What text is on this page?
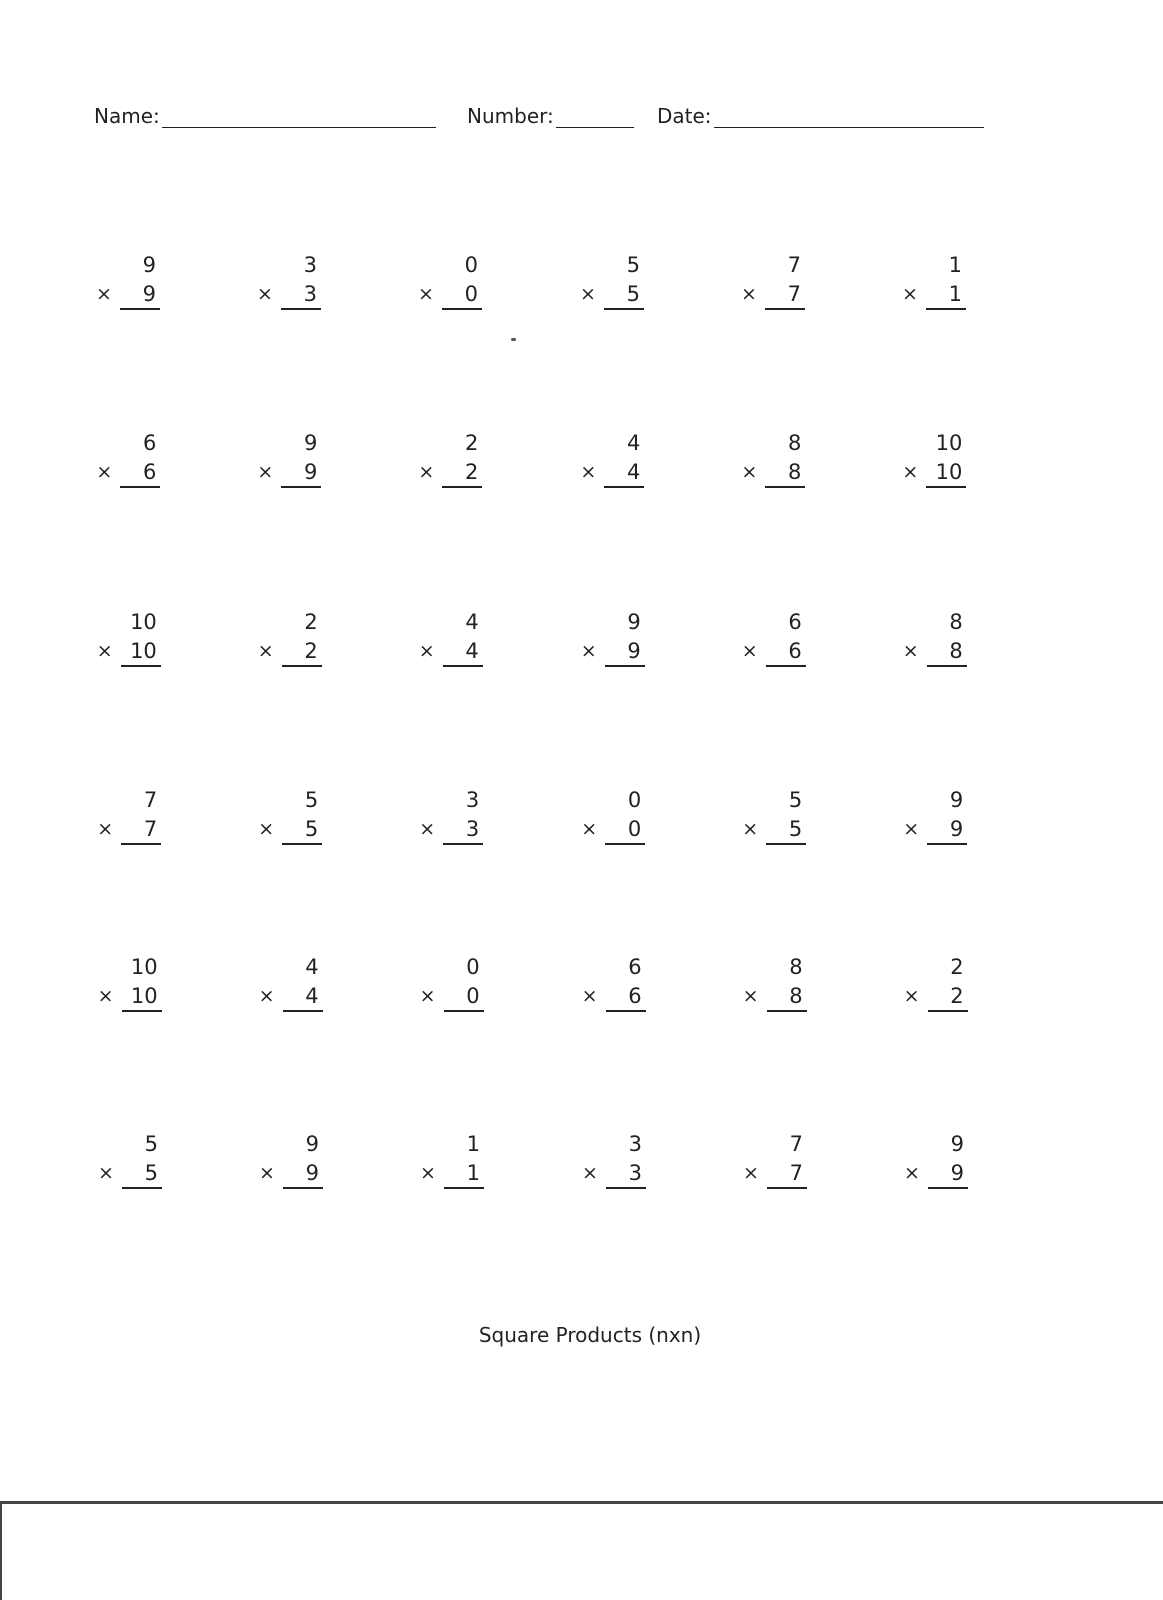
Name:	Number:	Date:
9
× 9
3
× 3
0
× 0
5
× 5
7
× 7
1
× 1
6
× 6
9
× 9
2
× 2
4
× 4
8
× 8
10
× 10
10
× 10
2
× 2
4
× 4
9
× 9
6
× 6
8
× 8
7
× 7
5
× 5
3
× 3
0
× 0
5
× 5
9
× 9
10
× 10
4
× 4
0
× 0
6
× 6
8
× 8
2
× 2
5
× 5
9
× 9
1
× 1
3
× 3
7
× 7
9
× 9
Square Products (nxn)
